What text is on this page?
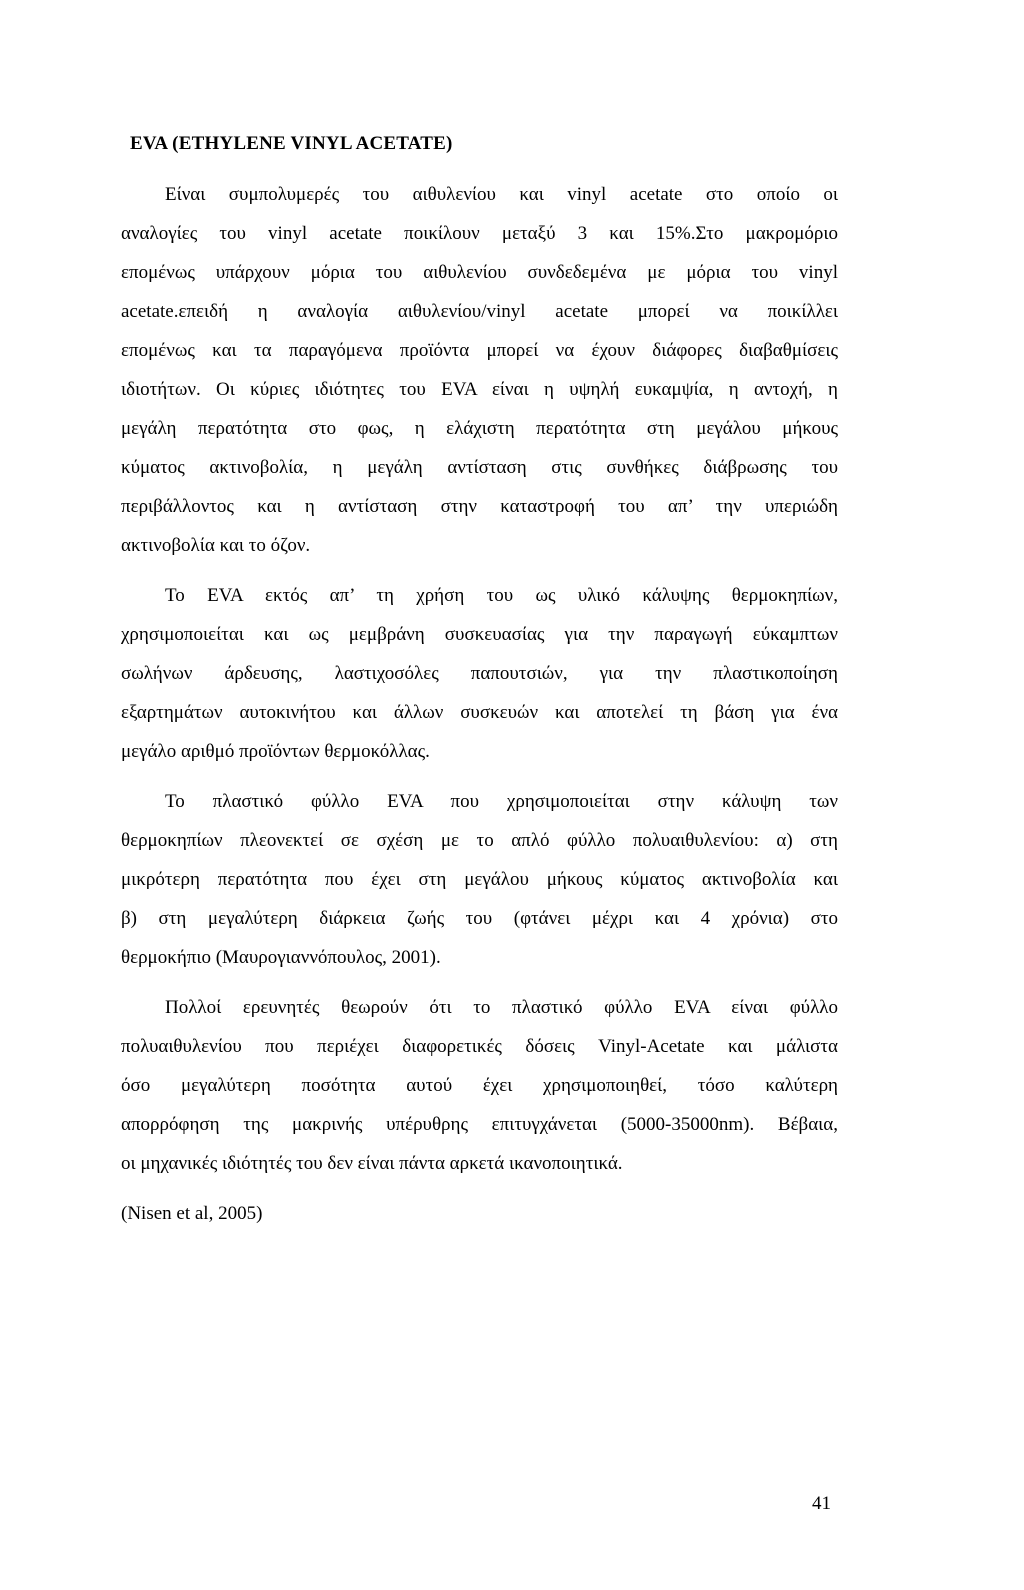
EVA (ETHYLENE VINYL ACETATE)
Είναι συμπολυμερές του αιθυλενίου και vinyl acetate στο οποίο οι
αναλογίες του vinyl acetate ποικίλουν μεταξύ 3 και 15%.Στο μακρομόριο
επομένως υπάρχουν μόρια του αιθυλενίου συνδεδεμένα με μόρια του vinyl
acetate.επειδή η αναλογία αιθυλενίου/vinyl acetate μπορεί να ποικίλλει
επομένως και τα παραγόμενα προϊόντα μπορεί να έχουν διάφορες διαβαθμίσεις
ιδιοτήτων. Οι κύριες ιδιότητες του EVA είναι η υψηλή ευκαμψία, η αντοχή, η
μεγάλη περατότητα στο φως, η ελάχιστη περατότητα στη μεγάλου μήκους
κύματος ακτινοβολία, η μεγάλη αντίσταση στις συνθήκες διάβρωσης του
περιβάλλοντος και η αντίσταση στην καταστροφή του απ’ την υπεριώδη
ακτινοβολία και το όζον.
Το EVA εκτός απ’ τη χρήση του ως υλικό κάλυψης θερμοκηπίων,
χρησιμοποιείται και ως μεμβράνη συσκευασίας για την παραγωγή εύκαμπτων
σωλήνων άρδευσης, λαστιχοσόλες παπουτσιών, για την πλαστικοποίηση
εξαρτημάτων αυτοκινήτου και άλλων συσκευών και αποτελεί τη βάση για ένα
μεγάλο αριθμό προϊόντων θερμοκόλλας.
Το πλαστικό φύλλο EVA που χρησιμοποιείται στην κάλυψη των
θερμοκηπίων πλεονεκτεί σε σχέση με το απλό φύλλο πολυαιθυλενίου: α) στη
μικρότερη περατότητα που έχει στη μεγάλου μήκους κύματος ακτινοβολία και
β) στη μεγαλύτερη διάρκεια ζωής του (φτάνει μέχρι και 4 χρόνια) στο
θερμοκήπιο (Μαυρογιαννόπουλος, 2001).
Πολλοί ερευνητές θεωρούν ότι το πλαστικό φύλλο EVA είναι φύλλο
πολυαιθυλενίου που περιέχει διαφορετικές δόσεις Vinyl-Acetate και μάλιστα
όσο μεγαλύτερη ποσότητα αυτού έχει χρησιμοποιηθεί, τόσο καλύτερη
απορρόφηση της μακρινής υπέρυθρης επιτυγχάνεται (5000-35000nm). Βέβαια,
οι μηχανικές ιδιότητές του δεν είναι πάντα αρκετά ικανοποιητικά.
(Nisen et al, 2005)
41
